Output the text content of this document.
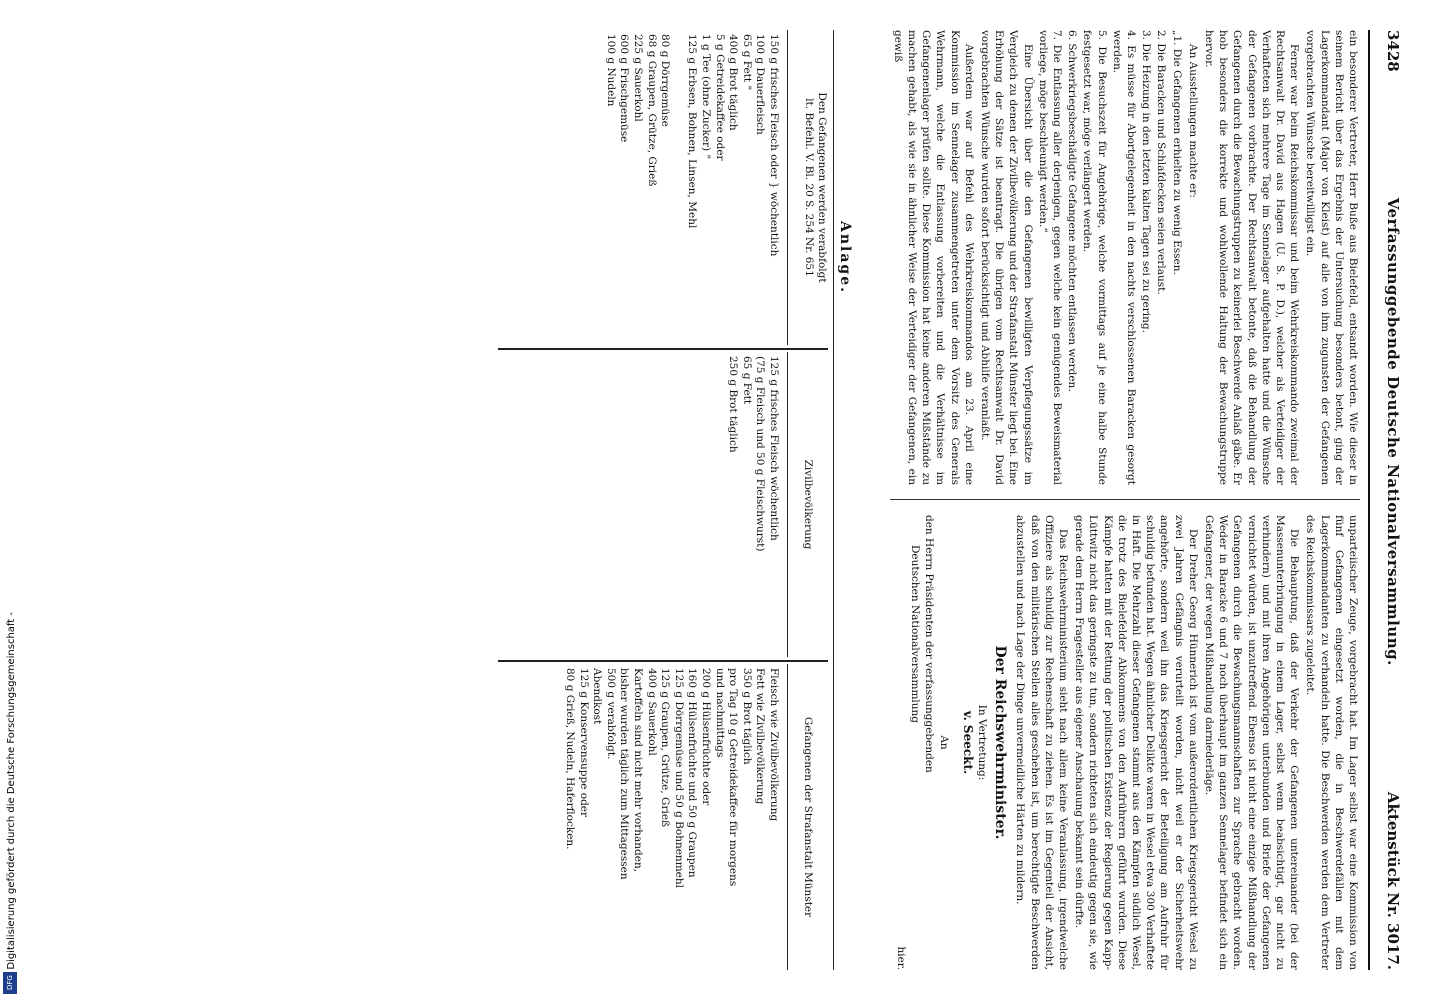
Digitalisierung gefördert durch die Deutsche Forschungsgemeinschaft -
DFG
3428
Verfassunggebende Deutsche Nationalversammlung.
Aktenstück Nr. 3017.

ein besonderer Vertreter, Herr Buße aus Bielefeld, entsandt worden. Wie dieser in seinem Bericht über das Ergebnis der Untersuchung besonders betont, ging der Lagerkommandant (Major von Kleist) auf alle von ihm zugunsten der Gefangenen vorgebrachten Wünsche bereitwilligst ein.

Ferner war beim Reichskommissar und beim Wehrkreiskommando zweimal der Rechtsanwalt Dr. David aus Hagen (U. S. P. D.), welcher als Verteidiger der Verhafteten sich mehrere Tage im Sennelager aufgehalten hatte und die Wünsche der Gefangenen vorbrachte. Der Rechtsanwalt betonte, daß die Behandlung der Gefangenen durch die Bewachungstruppen zu keinerlei Beschwerde Anlaß gäbe. Er hob besonders die korrekte und wohlwollende Haltung der Bewachungstruppe hervor.

An Ausstellungen machte er:

„1. Die Gefangenen erhielten zu wenig Essen.
2. Die Baracken und Schlafdecken seien verlaust.
3. Die Heizung in den letzten kalten Tagen sei zu gering.
4. Es müsse für Abortgelegenheit in den nachts verschlossenen Baracken gesorgt werden.
5. Die Besuchszeit für Angehörige, welche vormittags auf je eine halbe Stunde festgesetzt war, möge verlängert werden.
6. Schwerkriegsbeschädigte Gefangene möchten entlassen werden.
7. Die Entlassung aller derjenigen, gegen welche kein genügendes Beweismaterial vorliege, möge beschleunigt werden.“

Eine Übersicht über die den Gefangenen bewilligten Verpflegungssätze im Vergleich zu denen der Zivilbevölkerung und der Strafanstalt Münster liegt bei. Eine Erhöhung der Sätze ist beantragt. Die übrigen vom Rechtsanwalt Dr. David vorgebrachten Wünsche wurden sofort berücksichtigt und Abhilfe veranlaßt.

Außerdem war auf Befehl des Wehrkreiskommandos am 23. April eine Kommission im Sennelager zusammengetreten unter dem Vorsitz des Generals Wehrmann, welche die Entlassung vorbereiten und die Verhältnisse im Gefangenenlager prüfen sollte. Diese Kommission hat keine anderen Mißstände zu machen gehabt, als wie sie in ähnlicher Weise der Verteidiger der Gefangenen, ein gewiß

unparteiischer Zeuge, vorgebracht hat. Im Lager selbst war eine Kommission von fünf Gefangenen eingesetzt worden, die in Beschwerdefällen mit dem Lagerkommandanten zu verhandeln hatte. Die Beschwerden werden dem Vertreter des Reichskommissars zugeleitet.

Die Behauptung, daß der Verkehr der Gefangenen untereinander (bei der Massenunterbringung in einem Lager, selbst wenn beabsichtigt, gar nicht zu verhindern) und mit ihren Angehörigen unterbunden und Briefe der Gefangenen vernichtet würden, ist unzutreffend. Ebenso ist nicht eine einzige Mißhandlung der Gefangenen durch die Bewachungsmannschaften zur Sprache gebracht worden. Weder in Baracke 6 und 7 noch überhaupt im ganzen Sennelager befindet sich ein Gefangener, der wegen Mißhandlung darniederläge.

Der Dreher Georg Hünnerich ist vom außerordentlichen Kriegsgericht Wesel zu zwei Jahren Gefängnis verurteilt worden, nicht weil er der Sicherheitswehr angehörte, sondern weil ihn das Kriegsgericht der Beteiligung am Aufruhr für schuldig befunden hat. Wegen ähnlicher Delikte waren in Wesel etwa 300 Verhaftete in Haft. Die Mehrzahl dieser Gefangenen stammt aus den Kämpfen südlich Wesel, die trotz des Bielefelder Abkommens von den Aufrührern geführt wurden. Diese Kämpfe hatten mit der Rettung der politischen Existenz der Regierung gegen Kapp-Lüttwitz nicht das geringste zu tun, sondern richteten sich eindeutig gegen sie, wie gerade dem Herrn Fragesteller aus eigener Anschauung bekannt sein dürfte.

Das Reichswehrministerium sieht nach allem keine Veranlassung, irgendwelche Offiziere als schuldig zur Rechenschaft zu ziehen. Es ist im Gegenteil der Ansicht, daß von den militärischen Stellen alles geschehen ist, um berechtigte Beschwerden abzustellen und nach Lage der Dinge unvermeidliche Härten zu mildern.

Der Reichswehrminister.
In Vertretung:
v. Seeckt.
An
den Herrn Präsidenten der verfassunggebenden
Deutschen Nationalversammlung
hier.
Anlage.
Den Gefangenen werden verabfolgt
lt. Befehl. V. Bl. 20 S. 254 Nr. 651
Zivilbevölkerung
Gefangenen der Strafanstalt Münster
150 g frisches Fleisch oder } wöchentlich
100 g Dauerfleisch
65 g Fett "
400 g Brot täglich
5 g Getreidekaffee oder
1 g Tee (ohne Zucker) "
125 g Erbsen, Bohnen, Linsen, Mehl

80 g Dörrgemüse
68 g Graupen, Grütze, Grieß
225 g Sauerkohl
600 g Frischgemüse
100 g Nudeln
125 g frisches Fleisch wöchentlich
(75 g Fleisch und 50 g Fleischwurst)
65 g Fett
250 g Brot täglich
Fleisch wie Zivilbevölkerung
Fett wie Zivilbevölkerung
350 g Brot täglich
pro Tag 10 g Getreidekaffee für morgens
und nachmittags
200 g Hülsenfrüchte oder
160 g Hülsenfrüchte und 50 g Graupen
125 g Dörrgemüse und 50 g Bohnenmehl
125 g Graupen, Grütze, Grieß
400 g Sauerkohl
Kartoffeln sind nicht mehr vorhanden,
bisher wurden täglich zum Mittagessen
500 g verabfolgt.
Abendkost
125 g Konservensuppe oder
80 g Grieß, Nudeln, Haferflocken.
